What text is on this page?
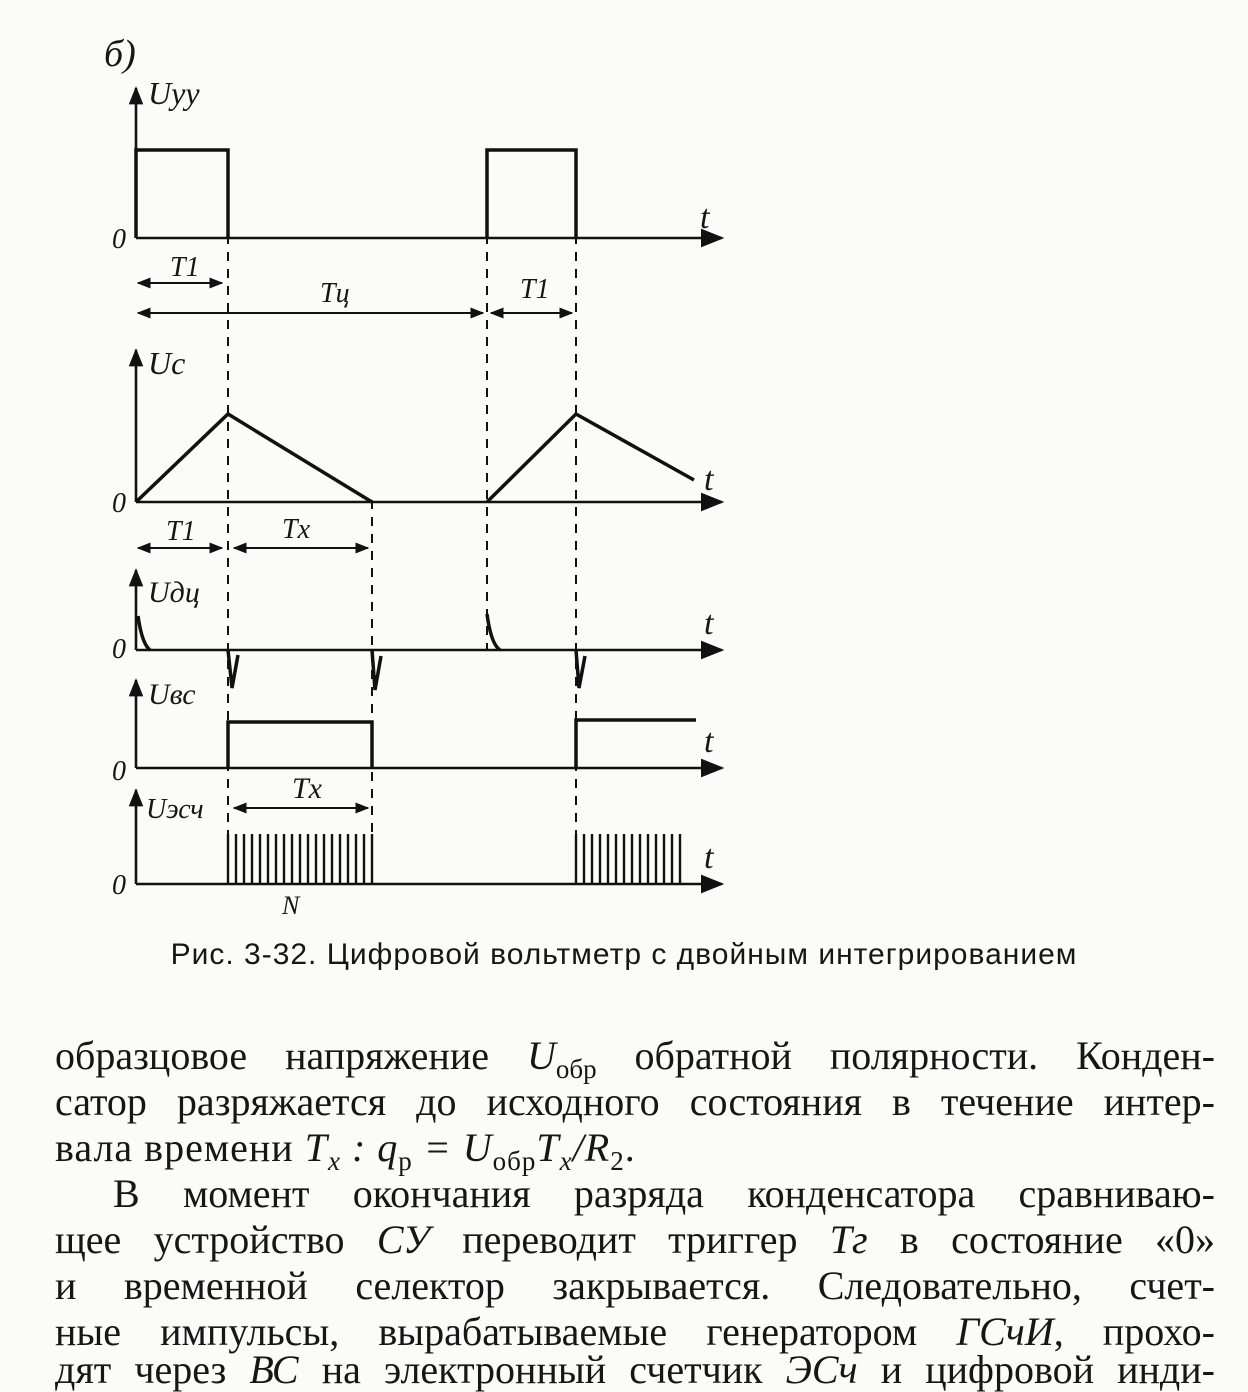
б)
Uуу
0
t
T1
Tц	T1
Uс
0
t
T1	Tx
Uдц
0
t
Uвс
0
t
Tx
Uэсч
0
t
N
Рис. 3-32. Цифровой вольтметр с двойным интегрированием
образцовое напряжение $U_{обр}$ обратной полярности. Конден-
сатор разряжается до исходного состояния в течение интер-
вала времени $T_x$ : $q_р = U_{обр}T_x/R_2$.
В момент окончания разряда конденсатора сравниваю-
щее устройство СУ переводит триггер Тг в состояние «0»
и временной селектор закрывается. Следовательно, счет-
ные импульсы, вырабатываемые генератором ГСчИ, прохо-
дят через ВС на электронный счетчик ЭСч и цифровой инди-
